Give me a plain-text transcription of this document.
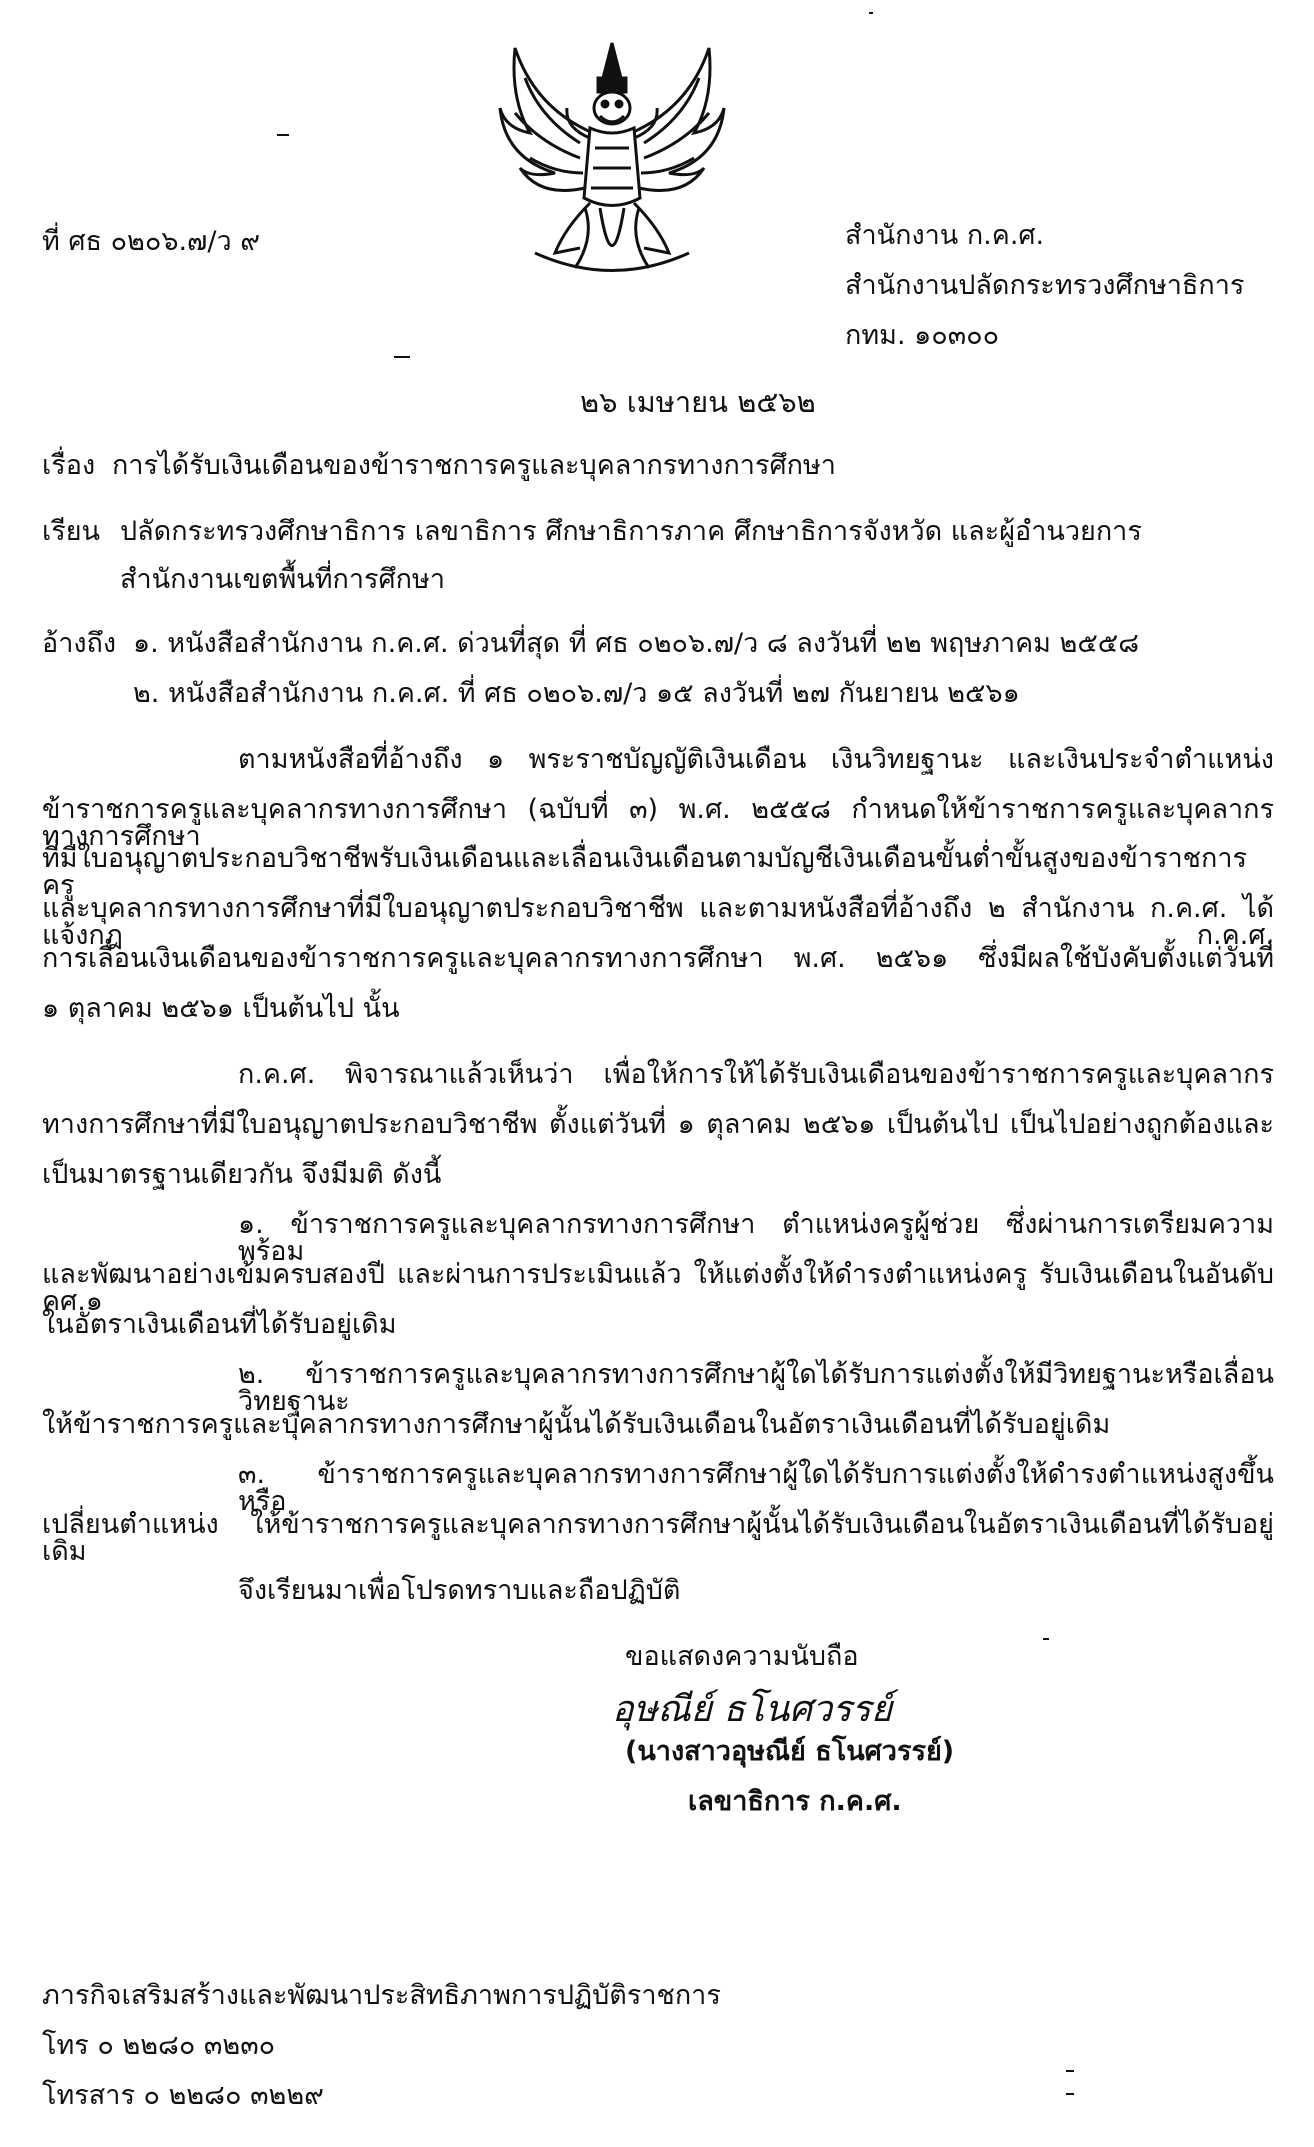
ที่ ศธ ๐๒๐๖.๗/ว ๙	สำนักงาน ก.ค.ศ.
สำนักงานปลัดกระทรวงศึกษาธิการ
กทม. ๑๐๓๐๐
๒๖ เมษายน ๒๕๖๒
เรื่อง การได้รับเงินเดือนของข้าราชการครูและบุคลากรทางการศึกษา
เรียน ปลัดกระทรวงศึกษาธิการ เลขาธิการ ศึกษาธิการภาค ศึกษาธิการจังหวัด และผู้อำนวยการ
สำนักงานเขตพื้นที่การศึกษา
อ้างถึง ๑. หนังสือสำนักงาน ก.ค.ศ. ด่วนที่สุด ที่ ศธ ๐๒๐๖.๗/ว ๘ ลงวันที่ ๒๒ พฤษภาคม ๒๕๕๘
๒. หนังสือสำนักงาน ก.ค.ศ. ที่ ศธ ๐๒๐๖.๗/ว ๑๕ ลงวันที่ ๒๗ กันยายน ๒๕๖๑
ตามหนังสือที่อ้างถึง ๑ พระราชบัญญัติเงินเดือน เงินวิทยฐานะ และเงินประจำตำแหน่ง
ข้าราชการครูและบุคลากรทางการศึกษา (ฉบับที่ ๓) พ.ศ. ๒๕๕๘ กำหนดให้ข้าราชการครูและบุคลากรทางการศึกษา
ที่มีใบอนุญาตประกอบวิชาชีพรับเงินเดือนและเลื่อนเงินเดือนตามบัญชีเงินเดือนขั้นต่ำขั้นสูงของข้าราชการครู
และบุคลากรทางการศึกษาที่มีใบอนุญาตประกอบวิชาชีพ และตามหนังสือที่อ้างถึง ๒ สำนักงาน ก.ค.ศ. ได้แจ้งกฎ ก.ค.ศ.
การเลื่อนเงินเดือนของข้าราชการครูและบุคลากรทางการศึกษา พ.ศ. ๒๕๖๑ ซึ่งมีผลใช้บังคับตั้งแต่วันที่
๑ ตุลาคม ๒๕๖๑ เป็นต้นไป นั้น
ก.ค.ศ. พิจารณาแล้วเห็นว่า เพื่อให้การให้ได้รับเงินเดือนของข้าราชการครูและบุคลากร
ทางการศึกษาที่มีใบอนุญาตประกอบวิชาชีพ ตั้งแต่วันที่ ๑ ตุลาคม ๒๕๖๑ เป็นต้นไป เป็นไปอย่างถูกต้องและ
เป็นมาตรฐานเดียวกัน จึงมีมติ ดังนี้
๑. ข้าราชการครูและบุคลากรทางการศึกษา ตำแหน่งครูผู้ช่วย ซึ่งผ่านการเตรียมความพร้อม
และพัฒนาอย่างเข้มครบสองปี และผ่านการประเมินแล้ว ให้แต่งตั้งให้ดำรงตำแหน่งครู รับเงินเดือนในอันดับ คศ.๑
ในอัตราเงินเดือนที่ได้รับอยู่เดิม
๒. ข้าราชการครูและบุคลากรทางการศึกษาผู้ใดได้รับการแต่งตั้งให้มีวิทยฐานะหรือเลื่อนวิทยฐานะ
ให้ข้าราชการครูและบุคลากรทางการศึกษาผู้นั้นได้รับเงินเดือนในอัตราเงินเดือนที่ได้รับอยู่เดิม
๓. ข้าราชการครูและบุคลากรทางการศึกษาผู้ใดได้รับการแต่งตั้งให้ดำรงตำแหน่งสูงขึ้นหรือ
เปลี่ยนตำแหน่ง ให้ข้าราชการครูและบุคลากรทางการศึกษาผู้นั้นได้รับเงินเดือนในอัตราเงินเดือนที่ได้รับอยู่เดิม
จึงเรียนมาเพื่อโปรดทราบและถือปฏิบัติ
ขอแสดงความนับถือ
อุษณีย์ ธโนศวรรย์
(นางสาวอุษณีย์ ธโนศวรรย์)
เลขาธิการ ก.ค.ศ.
ภารกิจเสริมสร้างและพัฒนาประสิทธิภาพการปฏิบัติราชการ
โทร ๐ ๒๒๘๐ ๓๒๓๐
โทรสาร ๐ ๒๒๘๐ ๓๒๒๙
